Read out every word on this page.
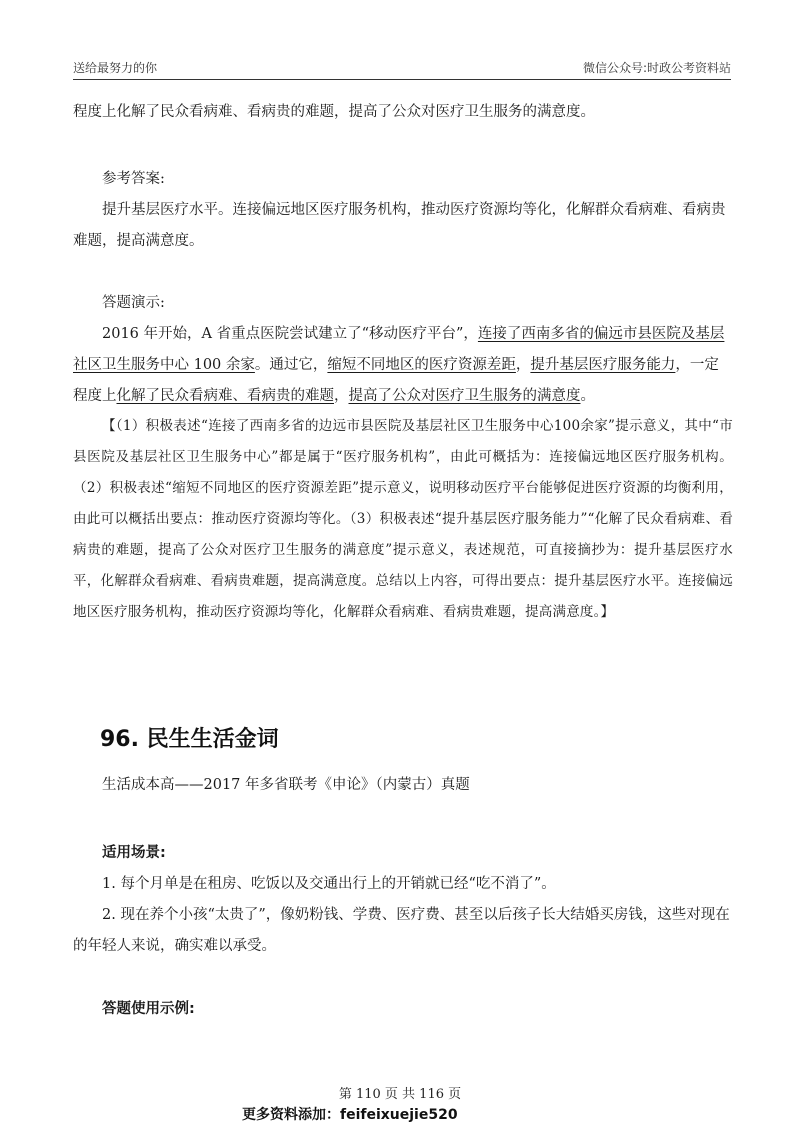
送给最努力的你	微信公众号:时政公考资料站

程度上化解了民众看病难、看病贵的难题，提高了公众对医疗卫生服务的满意度。

参考答案:

提升基层医疗水平。连接偏远地区医疗服务机构，推动医疗资源均等化，化解群众看病难、看病贵难题，提高满意度。

答题演示:

2016 年开始，A 省重点医院尝试建立了“移动医疗平台”，连接了西南多省的偏远市县医院及基层社区卫生服务中心 100 余家。通过它，缩短不同地区的医疗资源差距，提升基层医疗服务能力，一定程度上化解了民众看病难、看病贵的难题，提高了公众对医疗卫生服务的满意度。

【（1）积极表述“连接了西南多省的边远市县医院及基层社区卫生服务中心100余家”提示意义，其中“市县医院及基层社区卫生服务中心”都是属于“医疗服务机构”，由此可概括为：连接偏远地区医疗服务机构。（2）积极表述“缩短不同地区的医疗资源差距”提示意义，说明移动医疗平台能够促进医疗资源的均衡利用，由此可以概括出要点：推动医疗资源均等化。（3）积极表述“提升基层医疗服务能力”“化解了民众看病难、看病贵的难题，提高了公众对医疗卫生服务的满意度”提示意义，表述规范，可直接摘抄为：提升基层医疗水平，化解群众看病难、看病贵难题，提高满意度。总结以上内容，可得出要点：提升基层医疗水平。连接偏远地区医疗服务机构，推动医疗资源均等化，化解群众看病难、看病贵难题，提高满意度。】

96. 民生生活金词

生活成本高——2017 年多省联考《申论》（内蒙古）真题

适用场景:

1. 每个月单是在租房、吃饭以及交通出行上的开销就已经“吃不消了”。

2. 现在养个小孩“太贵了”，像奶粉钱、学费、医疗费、甚至以后孩子长大结婚买房钱，这些对现在的年轻人来说，确实难以承受。

答题使用示例:

第 110 页 共 116 页
更多资料添加：feifeixuejie520
